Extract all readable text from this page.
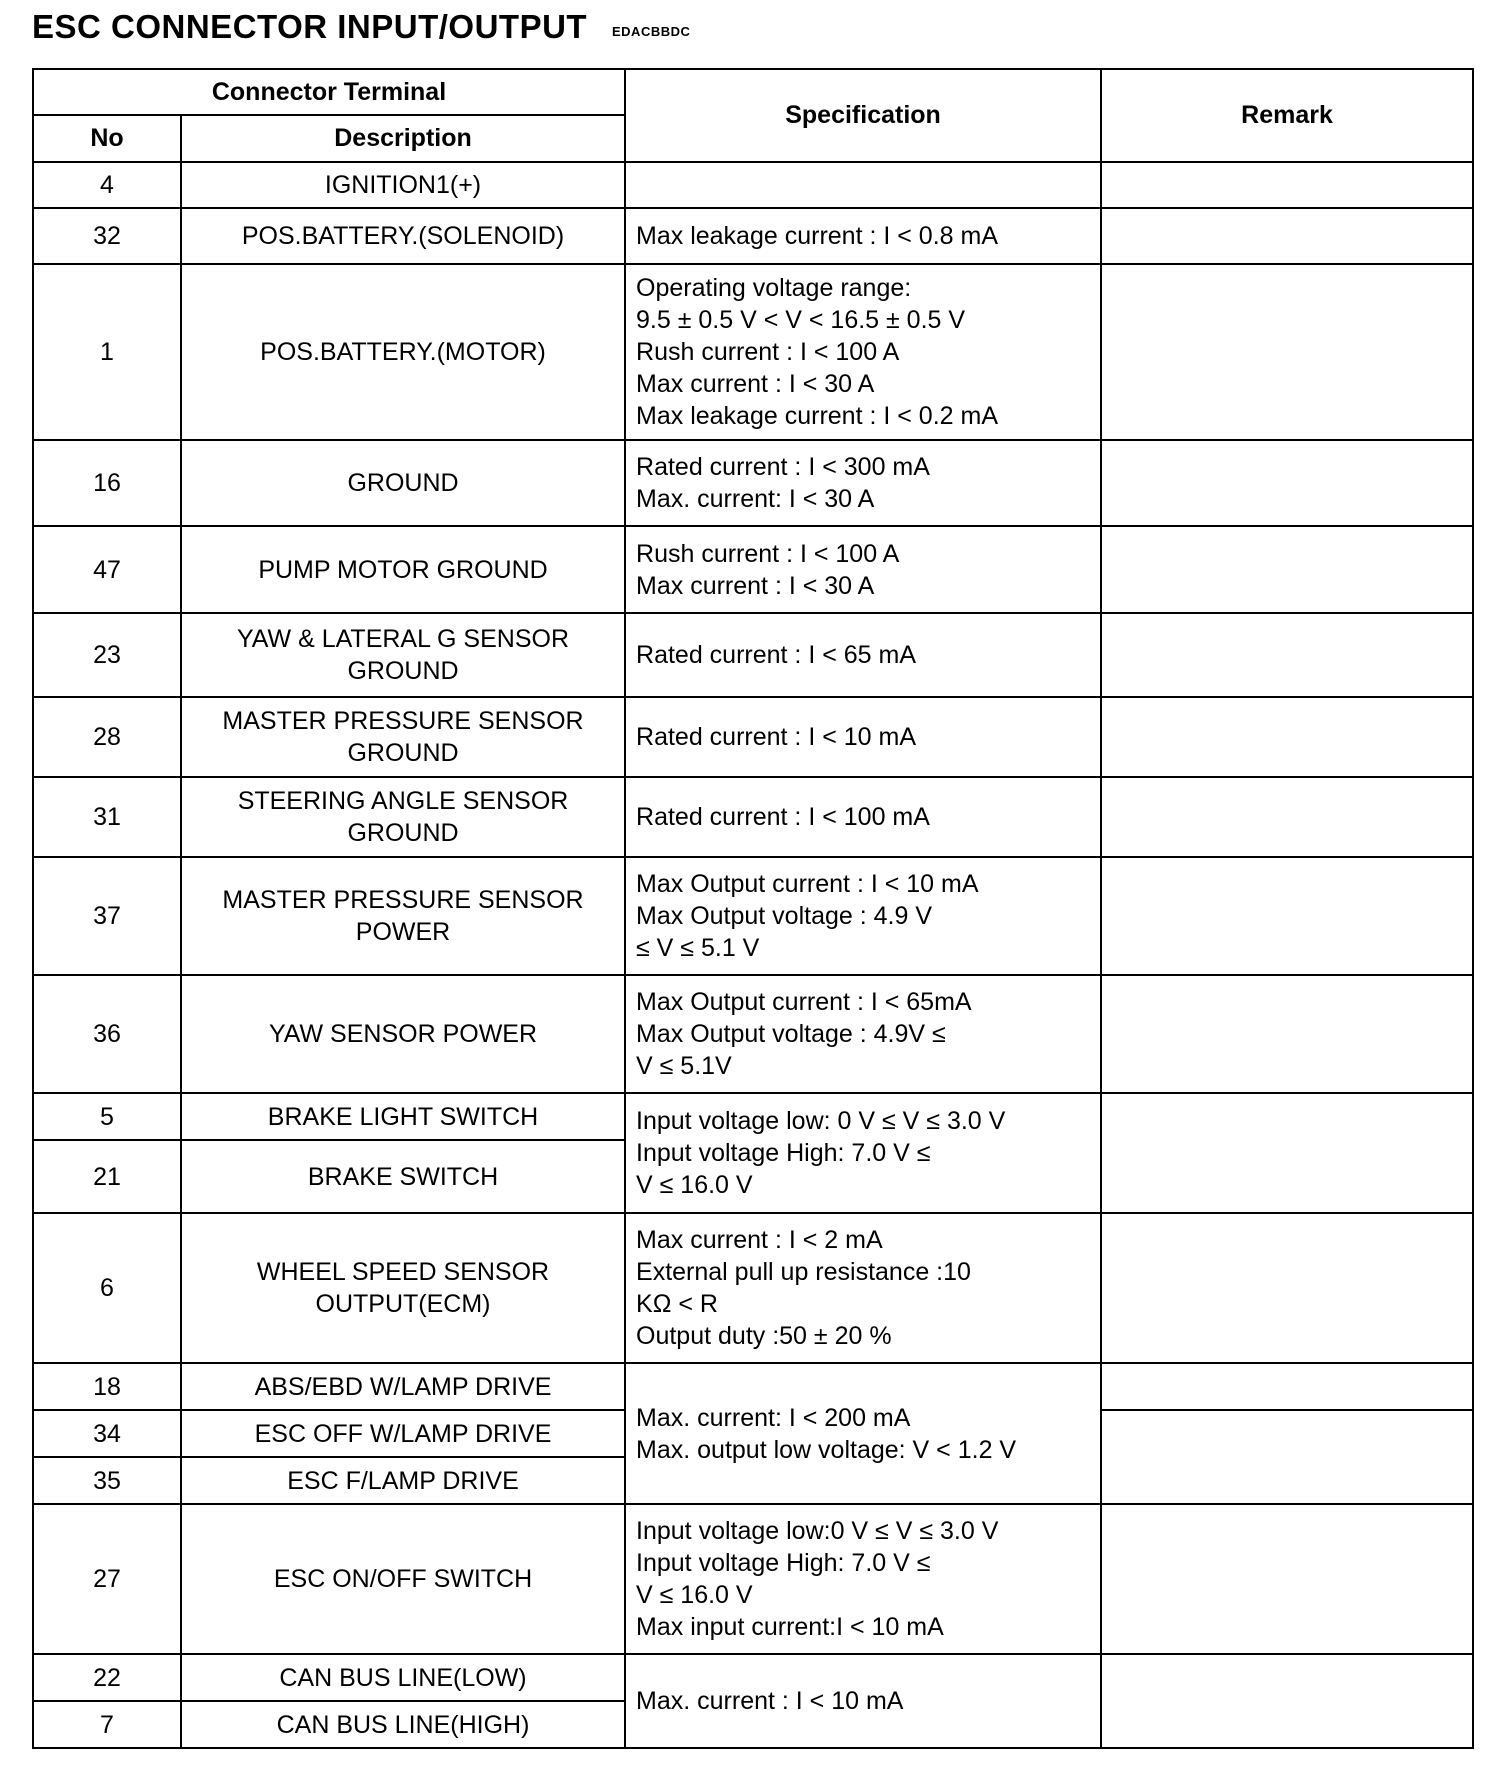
ESC CONNECTOR INPUT/OUTPUT EDACBBDC
Connector Terminal		Specification	Remark
No	Description		
4	IGNITION1(+)		
32	POS.BATTERY.(SOLENOID)	Max leakage current : I < 0.8 mA	
1	POS.BATTERY.(MOTOR)	Operating voltage range:
9.5 ± 0.5 V < V < 16.5 ± 0.5 V
Rush current : I < 100 A
Max current : I < 30 A
Max leakage current : I < 0.2 mA	
16	GROUND	Rated current : I < 300 mA
Max. current: I < 30 A	
47	PUMP MOTOR GROUND	Rush current : I < 100 A
Max current : I < 30 A	
23	YAW & LATERAL G SENSOR
GROUND	Rated current : I < 65 mA	
28	MASTER PRESSURE SENSOR
GROUND	Rated current : I < 10 mA	
31	STEERING ANGLE SENSOR
GROUND	Rated current : I < 100 mA	
37	MASTER PRESSURE SENSOR
POWER	Max Output current : I < 10 mA
Max Output voltage : 4.9 V
≤ V ≤ 5.1 V	
36	YAW SENSOR POWER	Max Output current : I < 65mA
Max Output voltage : 4.9V ≤
V ≤ 5.1V	
5	BRAKE LIGHT SWITCH	Input voltage low: 0 V ≤ V ≤ 3.0 V
Input voltage High: 7.0 V ≤
V ≤ 16.0 V	
21	BRAKE SWITCH		
6	WHEEL SPEED SENSOR
OUTPUT(ECM)	Max current : I < 2 mA
External pull up resistance :10
KΩ < R
Output duty :50 ± 20 %	
18	ABS/EBD W/LAMP DRIVE	Max. current: I < 200 mA
Max. output low voltage: V < 1.2 V	
34	ESC OFF W/LAMP DRIVE		
35	ESC F/LAMP DRIVE		
27	ESC ON/OFF SWITCH	Input voltage low:0 V ≤ V ≤ 3.0 V
Input voltage High: 7.0 V ≤
V ≤ 16.0 V
Max input current:I < 10 mA	
22	CAN BUS LINE(LOW)	Max. current : I < 10 mA	
7	CAN BUS LINE(HIGH)		
